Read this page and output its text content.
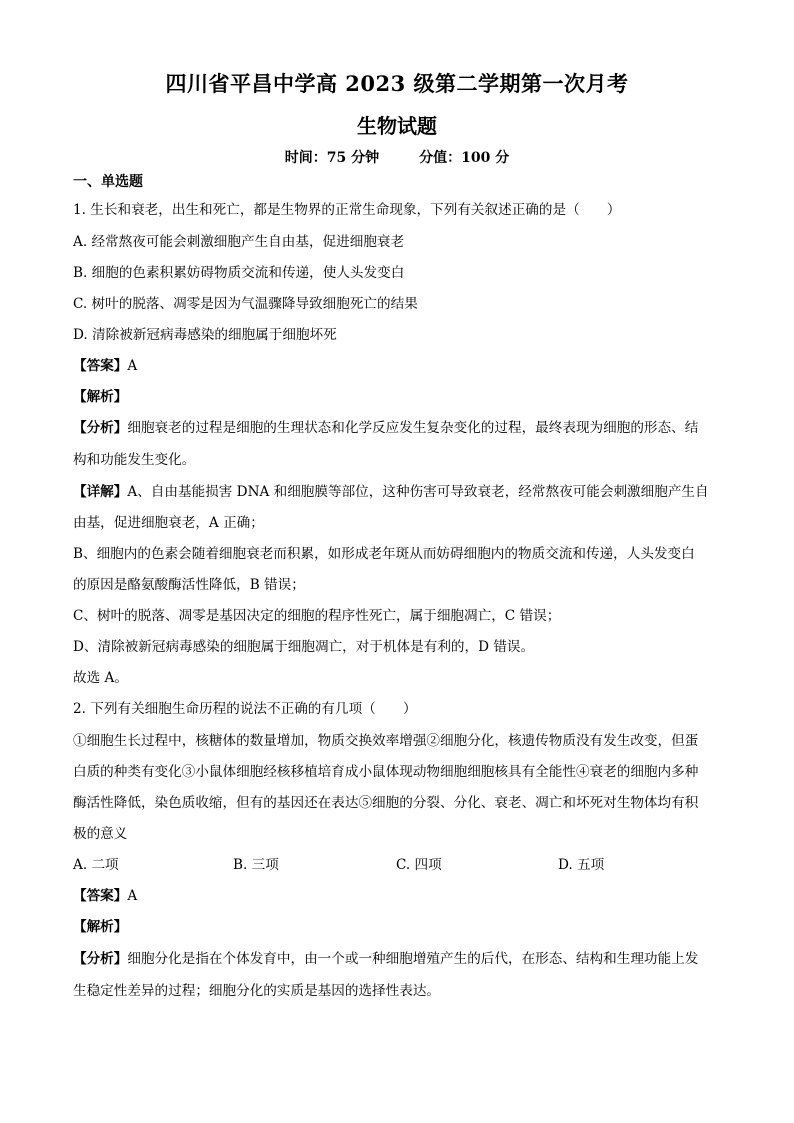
四川省平昌中学高 2023 级第二学期第一次月考
生物试题
时间：75 分钟	分值：100 分
一、单选题
1. 生长和衰老，出生和死亡，都是生物界的正常生命现象，下列有关叙述正确的是（　　）
A. 经常熬夜可能会刺激细胞产生自由基，促进细胞衰老
B. 细胞的色素积累妨碍物质交流和传递，使人头发变白
C. 树叶的脱落、凋零是因为气温骤降导致细胞死亡的结果
D. 清除被新冠病毒感染的细胞属于细胞坏死
【答案】A
【解析】
【分析】细胞衰老的过程是细胞的生理状态和化学反应发生复杂变化的过程，最终表现为细胞的形态、结
构和功能发生变化。
【详解】A、自由基能损害 DNA 和细胞膜等部位，这种伤害可导致衰老，经常熬夜可能会刺激细胞产生自
由基，促进细胞衰老，A 正确；
B、细胞内的色素会随着细胞衰老而积累，如形成老年斑从而妨碍细胞内的物质交流和传递，人头发变白
的原因是酪氨酸酶活性降低，B 错误；
C、树叶的脱落、凋零是基因决定的细胞的程序性死亡，属于细胞凋亡，C 错误；
D、清除被新冠病毒感染的细胞属于细胞凋亡，对于机体是有利的，D 错误。
故选 A。
2. 下列有关细胞生命历程的说法不正确的有几项（　　）
①细胞生长过程中，核糖体的数量增加，物质交换效率增强②细胞分化，核遗传物质没有发生改变，但蛋
白质的种类有变化③小鼠体细胞经核移植培育成小鼠体现动物细胞细胞核具有全能性④衰老的细胞内多种
酶活性降低，染色质收缩，但有的基因还在表达⑤细胞的分裂、分化、衰老、凋亡和坏死对生物体均有积
极的意义
A. 二项	B. 三项	C. 四项	D. 五项
【答案】A
【解析】
【分析】细胞分化是指在个体发育中，由一个或一种细胞增殖产生的后代，在形态、结构和生理功能上发
生稳定性差异的过程；细胞分化的实质是基因的选择性表达。
